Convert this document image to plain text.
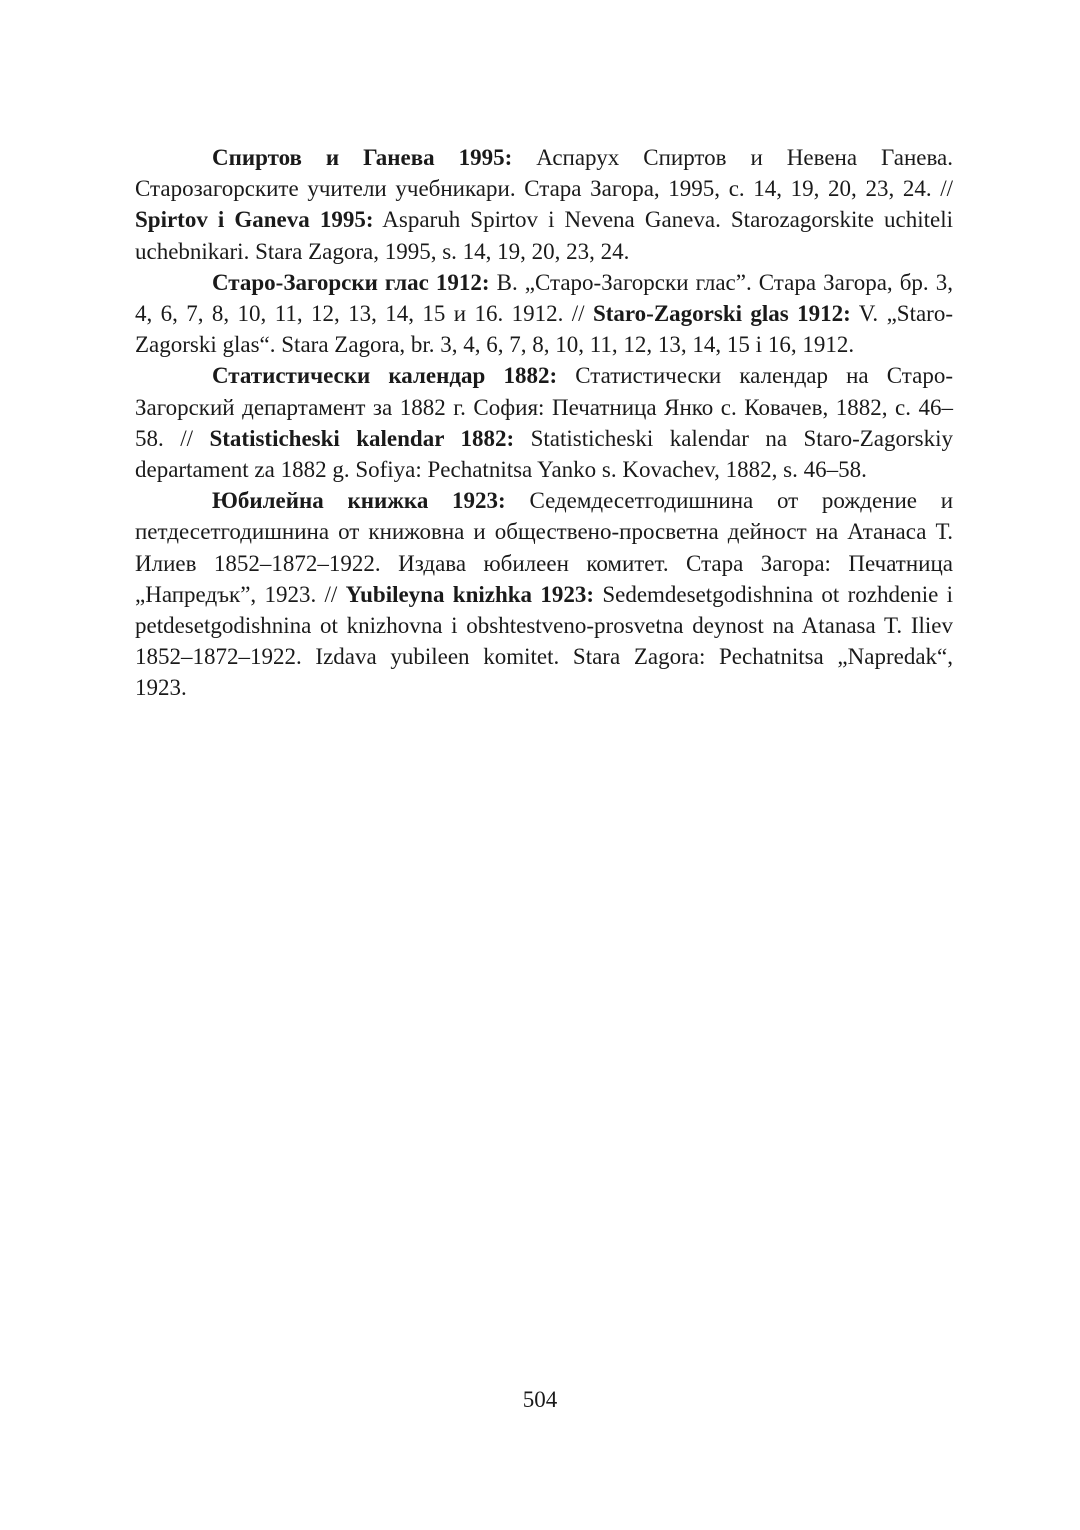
Спиртов и Ганева 1995: Аспарух Спиртов и Невена Ганева. Старозагорските учители учебникари. Стара Загора, 1995, с. 14, 19, 20, 23, 24. // Spirtov i Ganeva 1995: Asparuh Spirtov i Nevena Ganeva. Starozagorskite uchiteli uchebnikari. Stara Zagora, 1995, s. 14, 19, 20, 23, 24.

Старо-Загорски глас 1912: В. „Старо-Загорски глас”. Стара Загора, бр. 3, 4, 6, 7, 8, 10, 11, 12, 13, 14, 15 и 16. 1912. // Staro-Zagorski glas 1912: V. „Staro-Zagorski glas“. Stara Zagora, br. 3, 4, 6, 7, 8, 10, 11, 12, 13, 14, 15 i 16, 1912.

Статистически календар 1882: Статистически календар на Старо-Загорский департамент за 1882 г. София: Печатница Янко с. Ковачев, 1882, с. 46–58. // Statisticheski kalendar 1882: Statisticheski kalendar na Staro-Zagorskiy departament za 1882 g. Sofiya: Pechatnitsa Yanko s. Kovachev, 1882, s. 46–58.

Юбилейна книжка 1923: Седемдесетгодишнина от рождение и петдесетгодишнина от книжовна и обществено-просветна дейност на Атанаса Т. Илиев 1852–1872–1922. Издава юбилеен комитет. Стара Загора: Печатница „Напредък”, 1923. // Yubileyna knizhka 1923: Sedemdesetgodishnina ot rozhdenie i petdesetgodishnina ot knizhovna i obshtestveno-prosvetna deynost na Atanasa T. Iliev 1852–1872–1922. Izdava yubileen komitet. Stara Zagora: Pechatnitsa „Napredak“, 1923.

504
